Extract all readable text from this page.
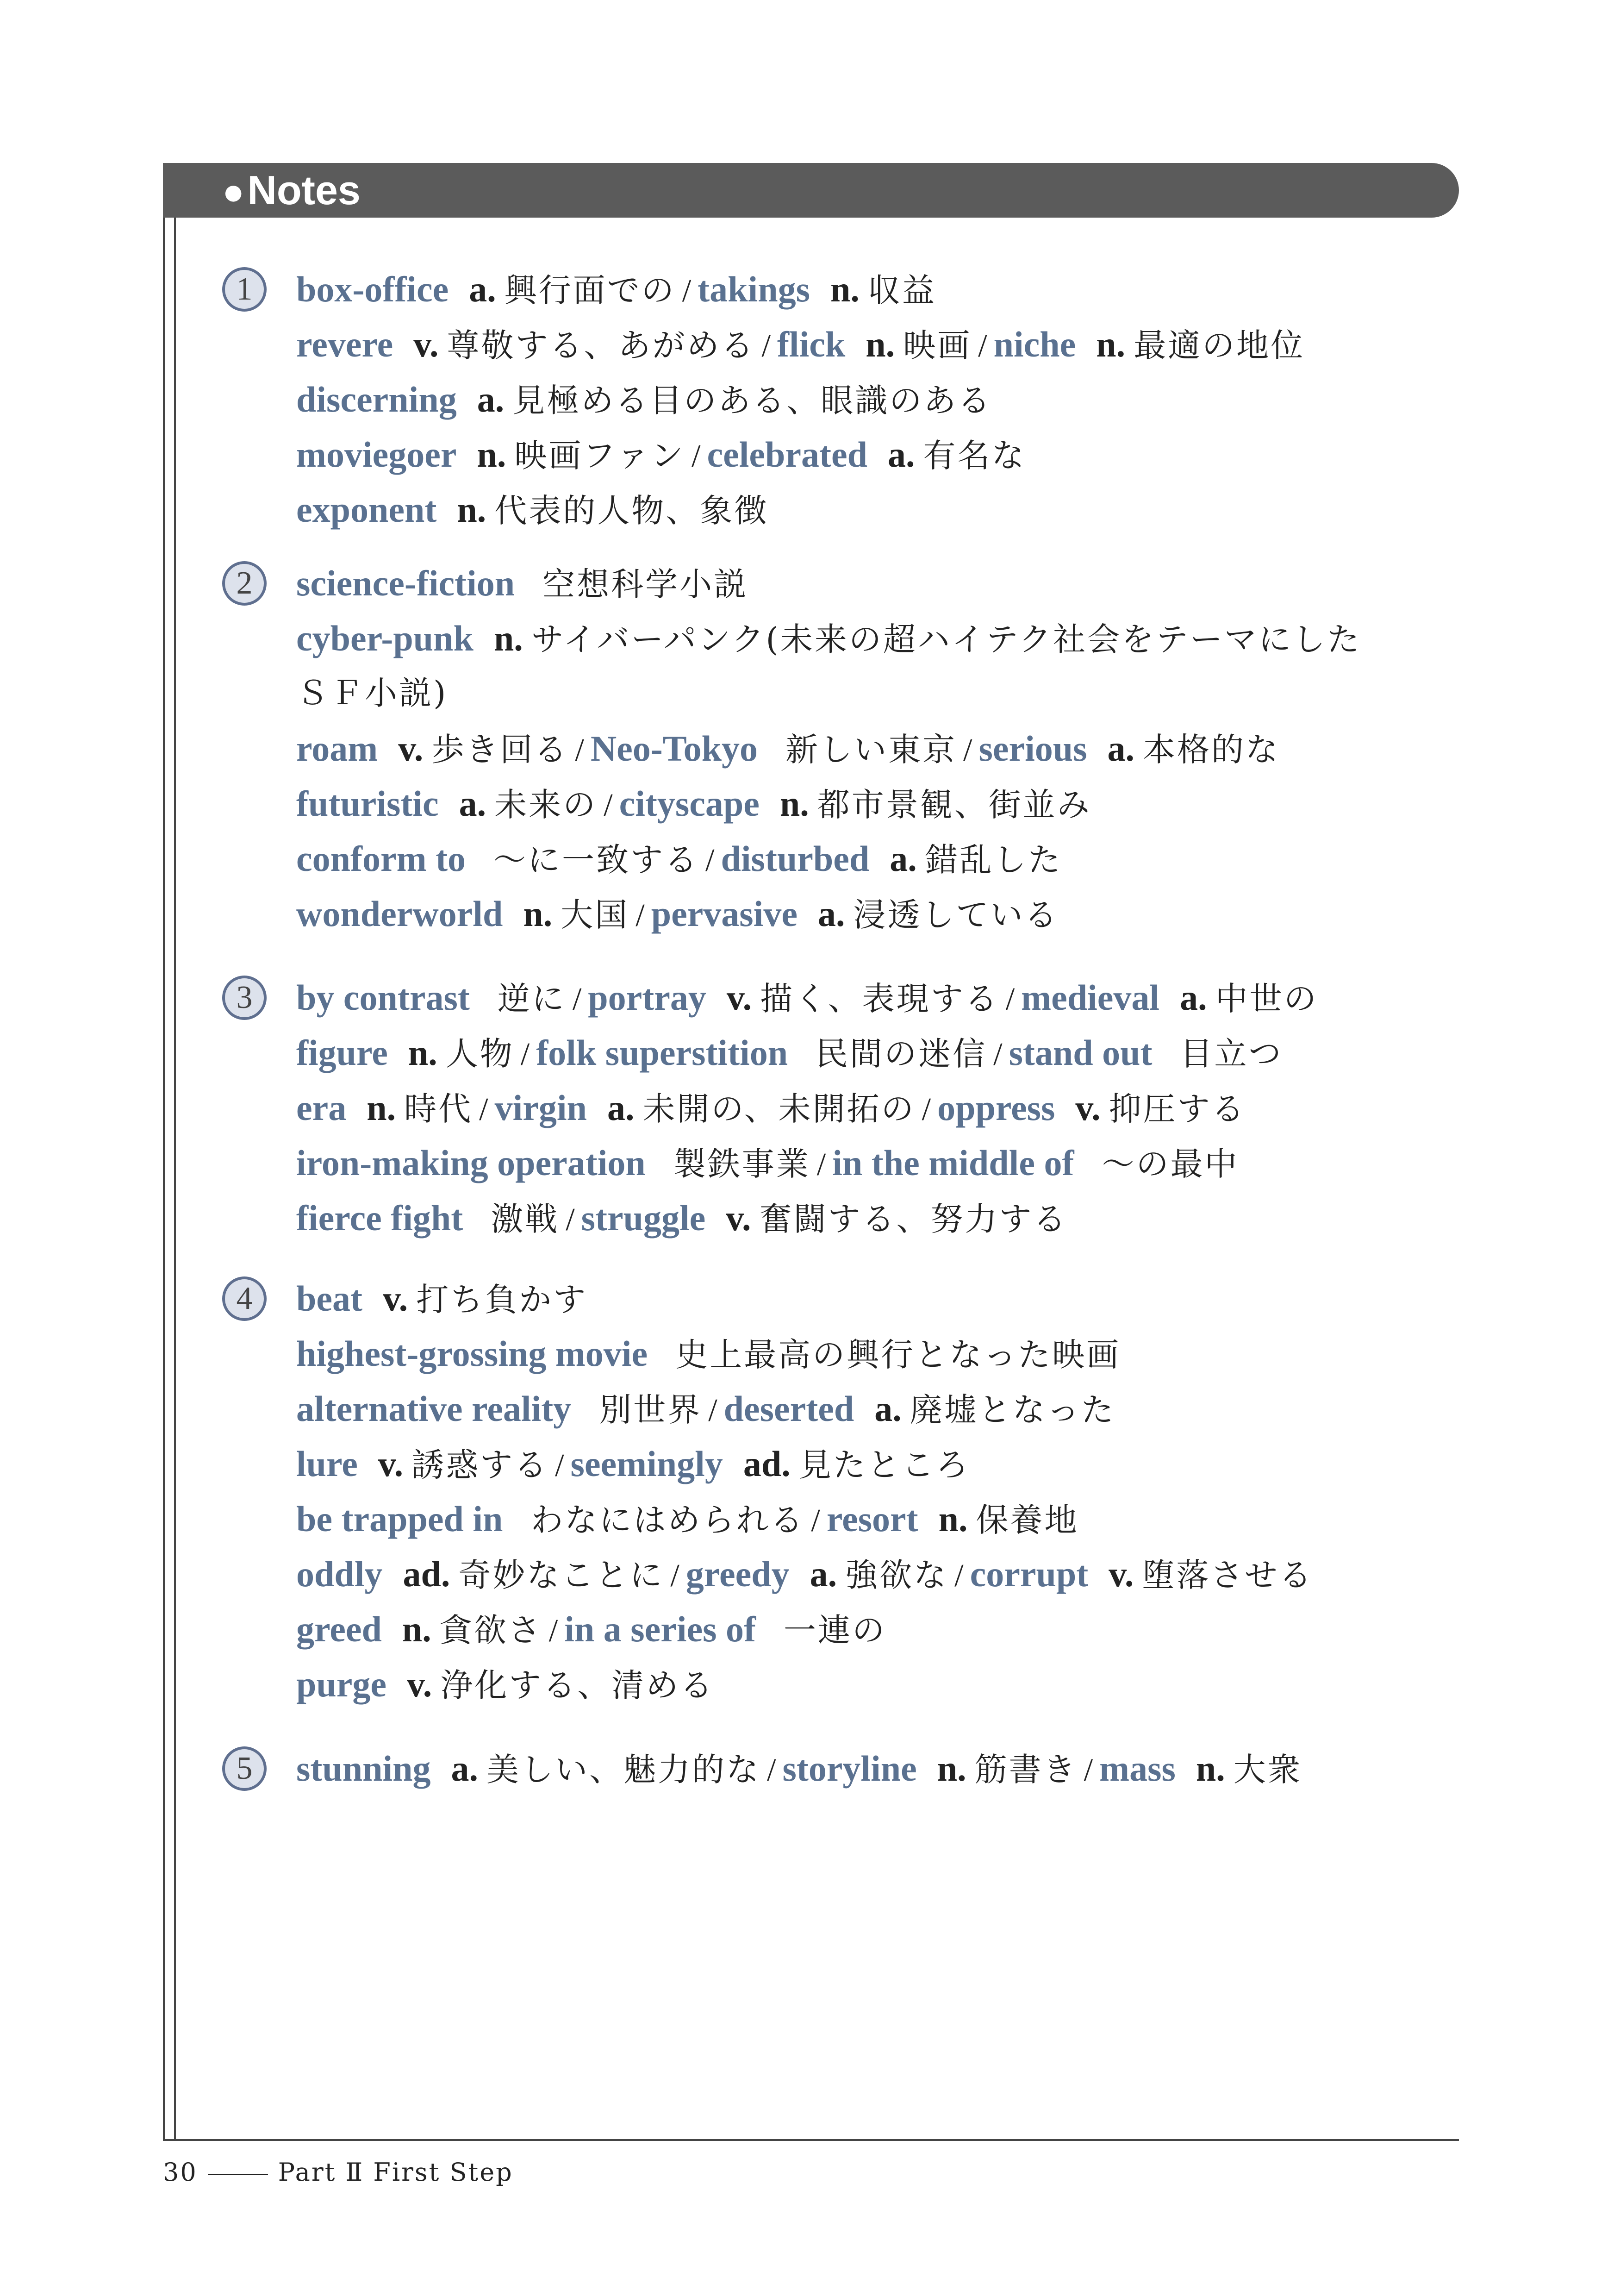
●Notes
1	box-office a. 興行面での / takings n. 収益
revere v. 尊敬する、あがめる / flick n. 映画 / niche n. 最適の地位
discerning a. 見極める目のある、眼識のある
moviegoer n. 映画ファン / celebrated a. 有名な
exponent n. 代表的人物、象徴
2	science-fiction 空想科学小説
cyber-punk n. サイバーパンク(未来の超ハイテク社会をテーマにした
ＳＦ小説)
roam v. 歩き回る / Neo-Tokyo 新しい東京 / serious a. 本格的な
futuristic a. 未来の / cityscape n. 都市景観、街並み
conform to 〜に一致する / disturbed a. 錯乱した
wonderworld n. 大国 / pervasive a. 浸透している
3	by contrast 逆に / portray v. 描く、表現する / medieval a. 中世の
figure n. 人物 / folk superstition 民間の迷信 / stand out 目立つ
era n. 時代 / virgin a. 未開の、未開拓の / oppress v. 抑圧する
iron-making operation 製鉄事業 / in the middle of 〜の最中
fierce fight 激戦 / struggle v. 奮闘する、努力する
4	beat v. 打ち負かす
highest-grossing movie 史上最高の興行となった映画
alternative reality 別世界 / deserted a. 廃墟となった
lure v. 誘惑する / seemingly ad. 見たところ
be trapped in わなにはめられる / resort n. 保養地
oddly ad. 奇妙なことに / greedy a. 強欲な / corrupt v. 堕落させる
greed n. 貪欲さ / in a series of 一連の
purge v. 浄化する、清める
5	stunning a. 美しい、魅力的な / storyline n. 筋書き / mass n. 大衆
30	Part Ⅱ First Step
